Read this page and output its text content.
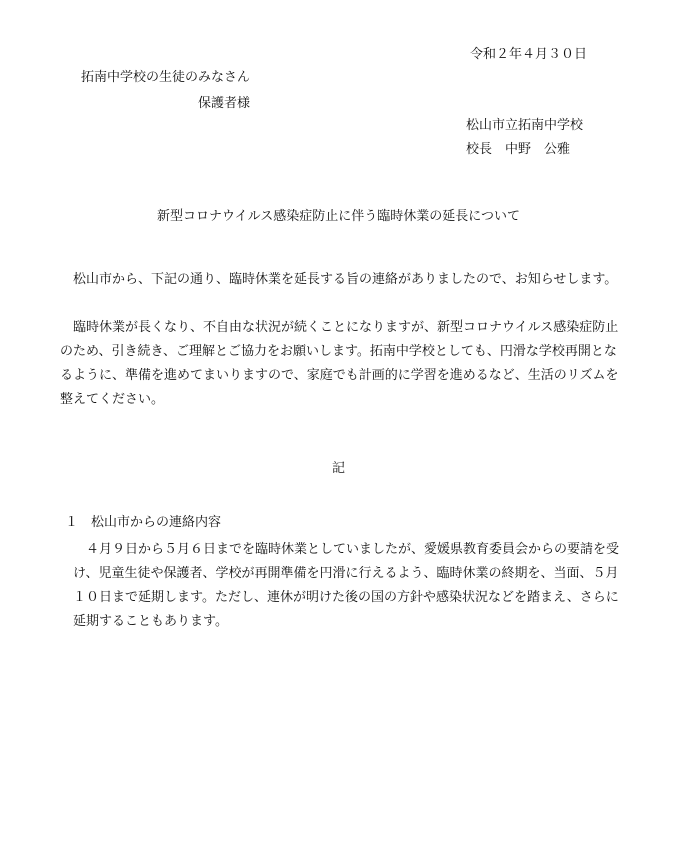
令和２年４月３０日
拓南中学校の生徒のみなさん
保護者様
松山市立拓南中学校
校長　中野　公雅
新型コロナウイルス感染症防止に伴う臨時休業の延長について
松山市から、下記の通り、臨時休業を延長する旨の連絡がありましたので、お知らせします。
臨時休業が長くなり、不自由な状況が続くことになりますが、新型コロナウイルス感染症防止のため、引き続き、ご理解とご協力をお願いします。拓南中学校としても、円滑な学校再開となるように、準備を進めてまいりますので、家庭でも計画的に学習を進めるなど、生活のリズムを整えてください。
記
１　松山市からの連絡内容
４月９日から５月６日までを臨時休業としていましたが、愛媛県教育委員会からの要請を受け、児童生徒や保護者、学校が再開準備を円滑に行えるよう、臨時休業の終期を、当面、５月１０日まで延期します。ただし、連休が明けた後の国の方針や感染状況などを踏まえ、さらに延期することもあります。
